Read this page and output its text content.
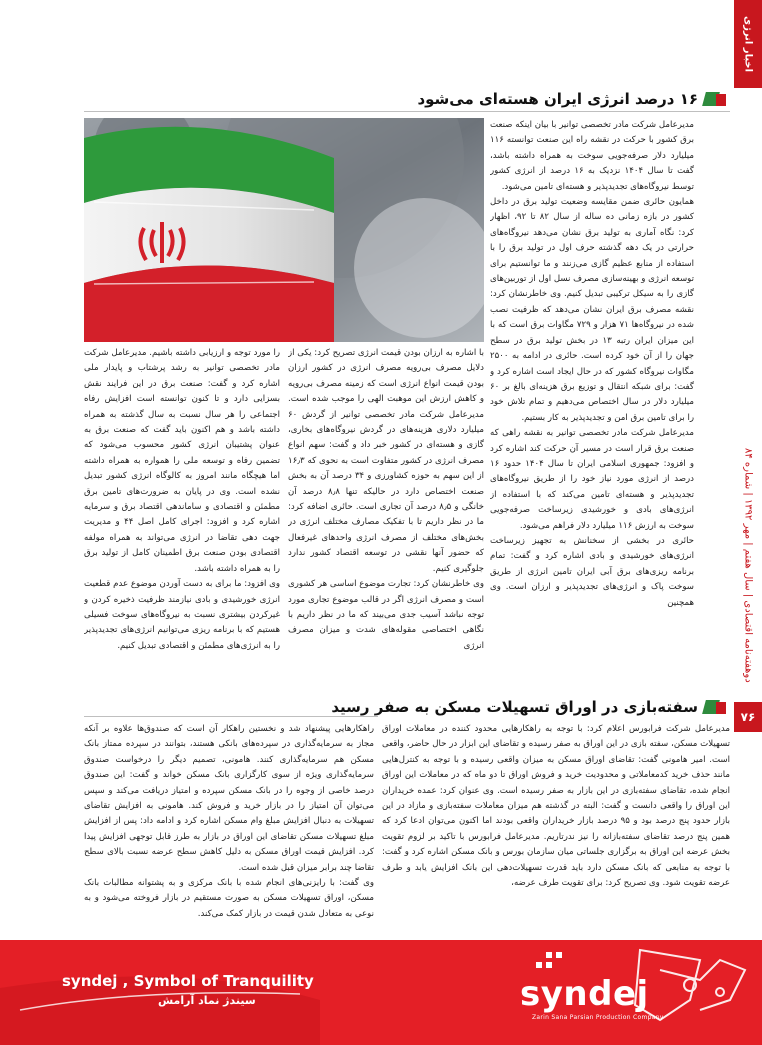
اخبار انرژی
دوهفته‌نامه اقتصادی | سال هفتم | مهر ۱۳۹۲ | شماره ۸۴
۷۶
۱۶ درصد انرژی ایران هسته‌ای می‌شود

مدیرعامل شرکت مادر تخصصی توانیر با بیان اینکه صنعت برق کشور با حرکت در نقشه راه این صنعت توانسته ۱۱۶ میلیارد دلار صرفه‌جویی سوخت به همراه داشته باشد، گفت تا سال ۱۴۰۴ نزدیک به ۱۶ درصد از انرژی کشور توسط نیروگاه‌های تجدیدپذیر و هسته‌ای تامین می‌شود.

همایون حائری ضمن مقایسه وضعیت تولید برق در داخل کشور در بازه زمانی ده ساله از سال ۸۲ تا ۹۲، اظهار کرد: نگاه آماری به تولید برق نشان می‌دهد نیروگاه‌های حرارتی در یک دهه گذشته حرف اول در تولید برق را با استفاده از منابع عظیم گازی می‌زنند و ما توانستیم برای توسعه انرژی و بهینه‌سازی مصرف نسل اول از توربین‌های گازی را به سیکل ترکیبی تبدیل کنیم. وی خاطرنشان کرد: نقشه مصرف برق ایران نشان می‌دهد که ظرفیت نصب شده در نیروگاه‌ها ۷۱ هزار و ۷۲۹ مگاوات برق است که با این میزان ایران رتبه ۱۳ در بخش تولید برق در سطح جهان را از آن خود کرده است. حائری در ادامه به ۲۵۰۰ مگاوات نیروگاه کشور که در حال ایجاد است اشاره کرد و گفت: برای شبکه انتقال و توزیع برق هزینه‌ای بالغ بر ۶۰ میلیارد دلار در سال اختصاص می‌دهیم و تمام تلاش خود را برای تامین برق امن و تجدیدپذیر به کار بستیم.

مدیرعامل شرکت مادر تخصصی توانیر به نقشه راهی که صنعت برق قرار است در مسیر آن حرکت کند اشاره کرد و افزود: جمهوری اسلامی ایران تا سال ۱۴۰۴ حدود ۱۶ درصد از انرژی مورد نیاز خود را از طریق نیروگاه‌های تجدیدپذیر و هسته‌ای تامین می‌کند که با استفاده از انرژی‌های بادی و خورشیدی زیرساخت صرفه‌جویی سوخت به ارزش ۱۱۶ میلیارد دلار فراهم می‌شود.

حائری در بخشی از سخنانش به تجهیز زیرساخت انرژی‌های خورشیدی و بادی اشاره کرد و گفت: تمام برنامه ریزی‌های برق آبی ایران تامین انرژی از طریق سوخت پاک و انرژی‌های تجدیدپذیر و ارزان است. وی همچنین

با اشاره به ارزان بودن قیمت انرژی تصریح کرد: یکی از دلایل مصرف بی‌رویه مصرف انرژی در کشور ارزان بودن قیمت انواع انرژی است که زمینه مصرف بی‌رویه و کاهش ارزش این موهبت الهی را موجب شده است. مدیرعامل شرکت مادر تخصصی توانیر از گردش ۶۰ میلیارد دلاری هزینه‌های در گردش نیروگاه‌های بخاری، گازی و هسته‌ای در کشور خبر داد و گفت: سهم انواع مصرف انرژی در کشور متفاوت است به نحوی که ۱۶٫۳ از این سهم به حوزه کشاورزی و ۳۴ درصد آن به بخش صنعت اختصاص دارد در حالیکه تنها ۸٫۸ درصد آن خانگی و ۸٫۵ درصد آن تجاری است. حائری اضافه کرد: ما در نظر داریم تا با تفکیک مصارف مختلف انرژی در بخش‌های مختلف از مصرف انرژی واحدهای غیرفعال که حضور آنها نقشی در توسعه اقتصاد کشور ندارد جلوگیری کنیم.

وی خاطرنشان کرد: تجارت موضوع اساسی هر کشوری است و مصرف انرژی اگر در قالب موضوع تجاری مورد توجه نباشد آسیب جدی می‌بیند که ما در نظر داریم با نگاهی اختصاصی مقوله‌های شدت و میزان مصرف انرژی

را مورد توجه و ارزیابی داشته باشیم. مدیرعامل شرکت مادر تخصصی توانیر به رشد پرشتاب و پایدار ملی اشاره کرد و گفت: صنعت برق در این فرایند نقش بسزایی دارد و تا کنون توانسته است افزایش رفاه اجتماعی را هر سال نسبت به سال گذشته به همراه داشته باشد و هم اکنون باید گفت که صنعت برق به عنوان پشتیبان انرژی کشور محسوب می‌شود که تضمین رفاه و توسعه ملی را همواره به همراه داشته اما هیچگاه مانند امروز به کالوگاه انرژی کشور تبدیل نشده است. وی در پایان به ضرورت‌های تامین برق مطمئن و اقتصادی و ساماندهی اقتصاد برق و سرمایه اشاره کرد و افزود: اجرای کامل اصل ۴۴ و مدیریت جهت دهی تقاضا در انرژی می‌تواند به همراه مولفه اقتصادی بودن صنعت برق اطمینان کامل از تولید برق را به همراه داشته باشد.

وی افزود: ما برای به دست آوردن موضوع عدم قطعیت انرژی خورشیدی و بادی نیازمند ظرفیت ذخیره کردن و غیرکردن بیشتری نسبت به نیروگاه‌های سوخت فسیلی هستیم که با برنامه ریزی می‌توانیم انرژی‌های تجدیدپذیر را به انرژی‌های مطمئن و اقتصادی تبدیل کنیم.

سفته‌بازی در اوراق تسهیلات مسکن به صفر رسید

مدیرعامل شرکت فرابورس اعلام کرد: با توجه به راهکارهایی محدود کننده در معاملات اوراق تسهیلات مسکن، سفته بازی در این اوراق به صفر رسیده و تقاضای این ابزار در حال حاضر، واقعی است. امیر هامونی گفت: تقاضای اوراق مسکن به میزان واقعی رسیده و با توجه به کنترل‌هایی مانند حذف خرید کدمعاملاتی و محدودیت خرید و فروش اوراق تا دو ماه که در معاملات این اوراق انجام شده، تقاضای سفته‌بازی در این بازار به صفر رسیده است. وی عنوان کرد: عمده خریداران این اوراق را واقعی دانست و گفت: البته در گذشته هم میزان معاملات سفته‌بازی و مازاد در این بازار حدود پنج درصد بود و ۹۵ درصد بازار خریداران واقعی بودند اما اکنون می‌توان ادعا کرد که همین پنج درصد تقاضای سفته‌بازانه را نیز ندرتاریم. مدیرعامل فرابورس با تاکید بر لزوم تقویت بخش عرضه این اوراق به برگزاری جلساتی میان سازمان بورس و بانک مسکن اشاره کرد و گفت: با توجه به منابعی که بانک مسکن دارد باید قدرت تسهیلات‌دهی این بانک افزایش یابد و طرف عرضه تقویت شود. وی تصریح کرد: برای تقویت طرف عرضه،

راهکارهایی پیشنهاد شد و نخستین راهکار آن است که صندوق‌ها علاوه بر آنکه مجاز به سرمایه‌گذاری در سپرده‌های بانکی هستند، بتوانند در سپرده ممتاز بانک مسکن هم سرمایه‌گذاری کنند. هامونی، تصمیم دیگر را درخواست صندوق سرمایه‌گذاری ویژه از سوی کارگزاری بانک مسکن خواند و گفت: این صندوق درصد خاصی از وجوه را در بانک مسکن سپرده و امتیاز دریافت می‌کند و سپس می‌توان آن امتیاز را در بازار خرید و فروش کند. هامونی به افزایش تقاضای تسهیلات به دنبال افزایش مبلغ وام مسکن اشاره کرد و ادامه داد: پس از افزایش مبلغ تسهیلات مسکن تقاضای این اوراق در بازار به طرز قابل توجهی افزایش پیدا کرد. افزایش قیمت اوراق مسکن به دلیل کاهش سطح عرضه نسبت بالای سطح تقاضا چند برابر میزان قبل شده است.

وی گفت: با رایزنی‌های انجام شده با بانک مرکزی و به پشتوانه مطالبات بانک مسکن، اوراق تسهیلات مسکن به صورت مستقیم در بازار فروخته می‌شود و به نوعی به متعادل شدن قیمت در بازار کمک می‌کند.

syndej , Symbol of Tranquility
سیندژ نماد آرامش	syndej
Zarin Sana Parsian Production Company
